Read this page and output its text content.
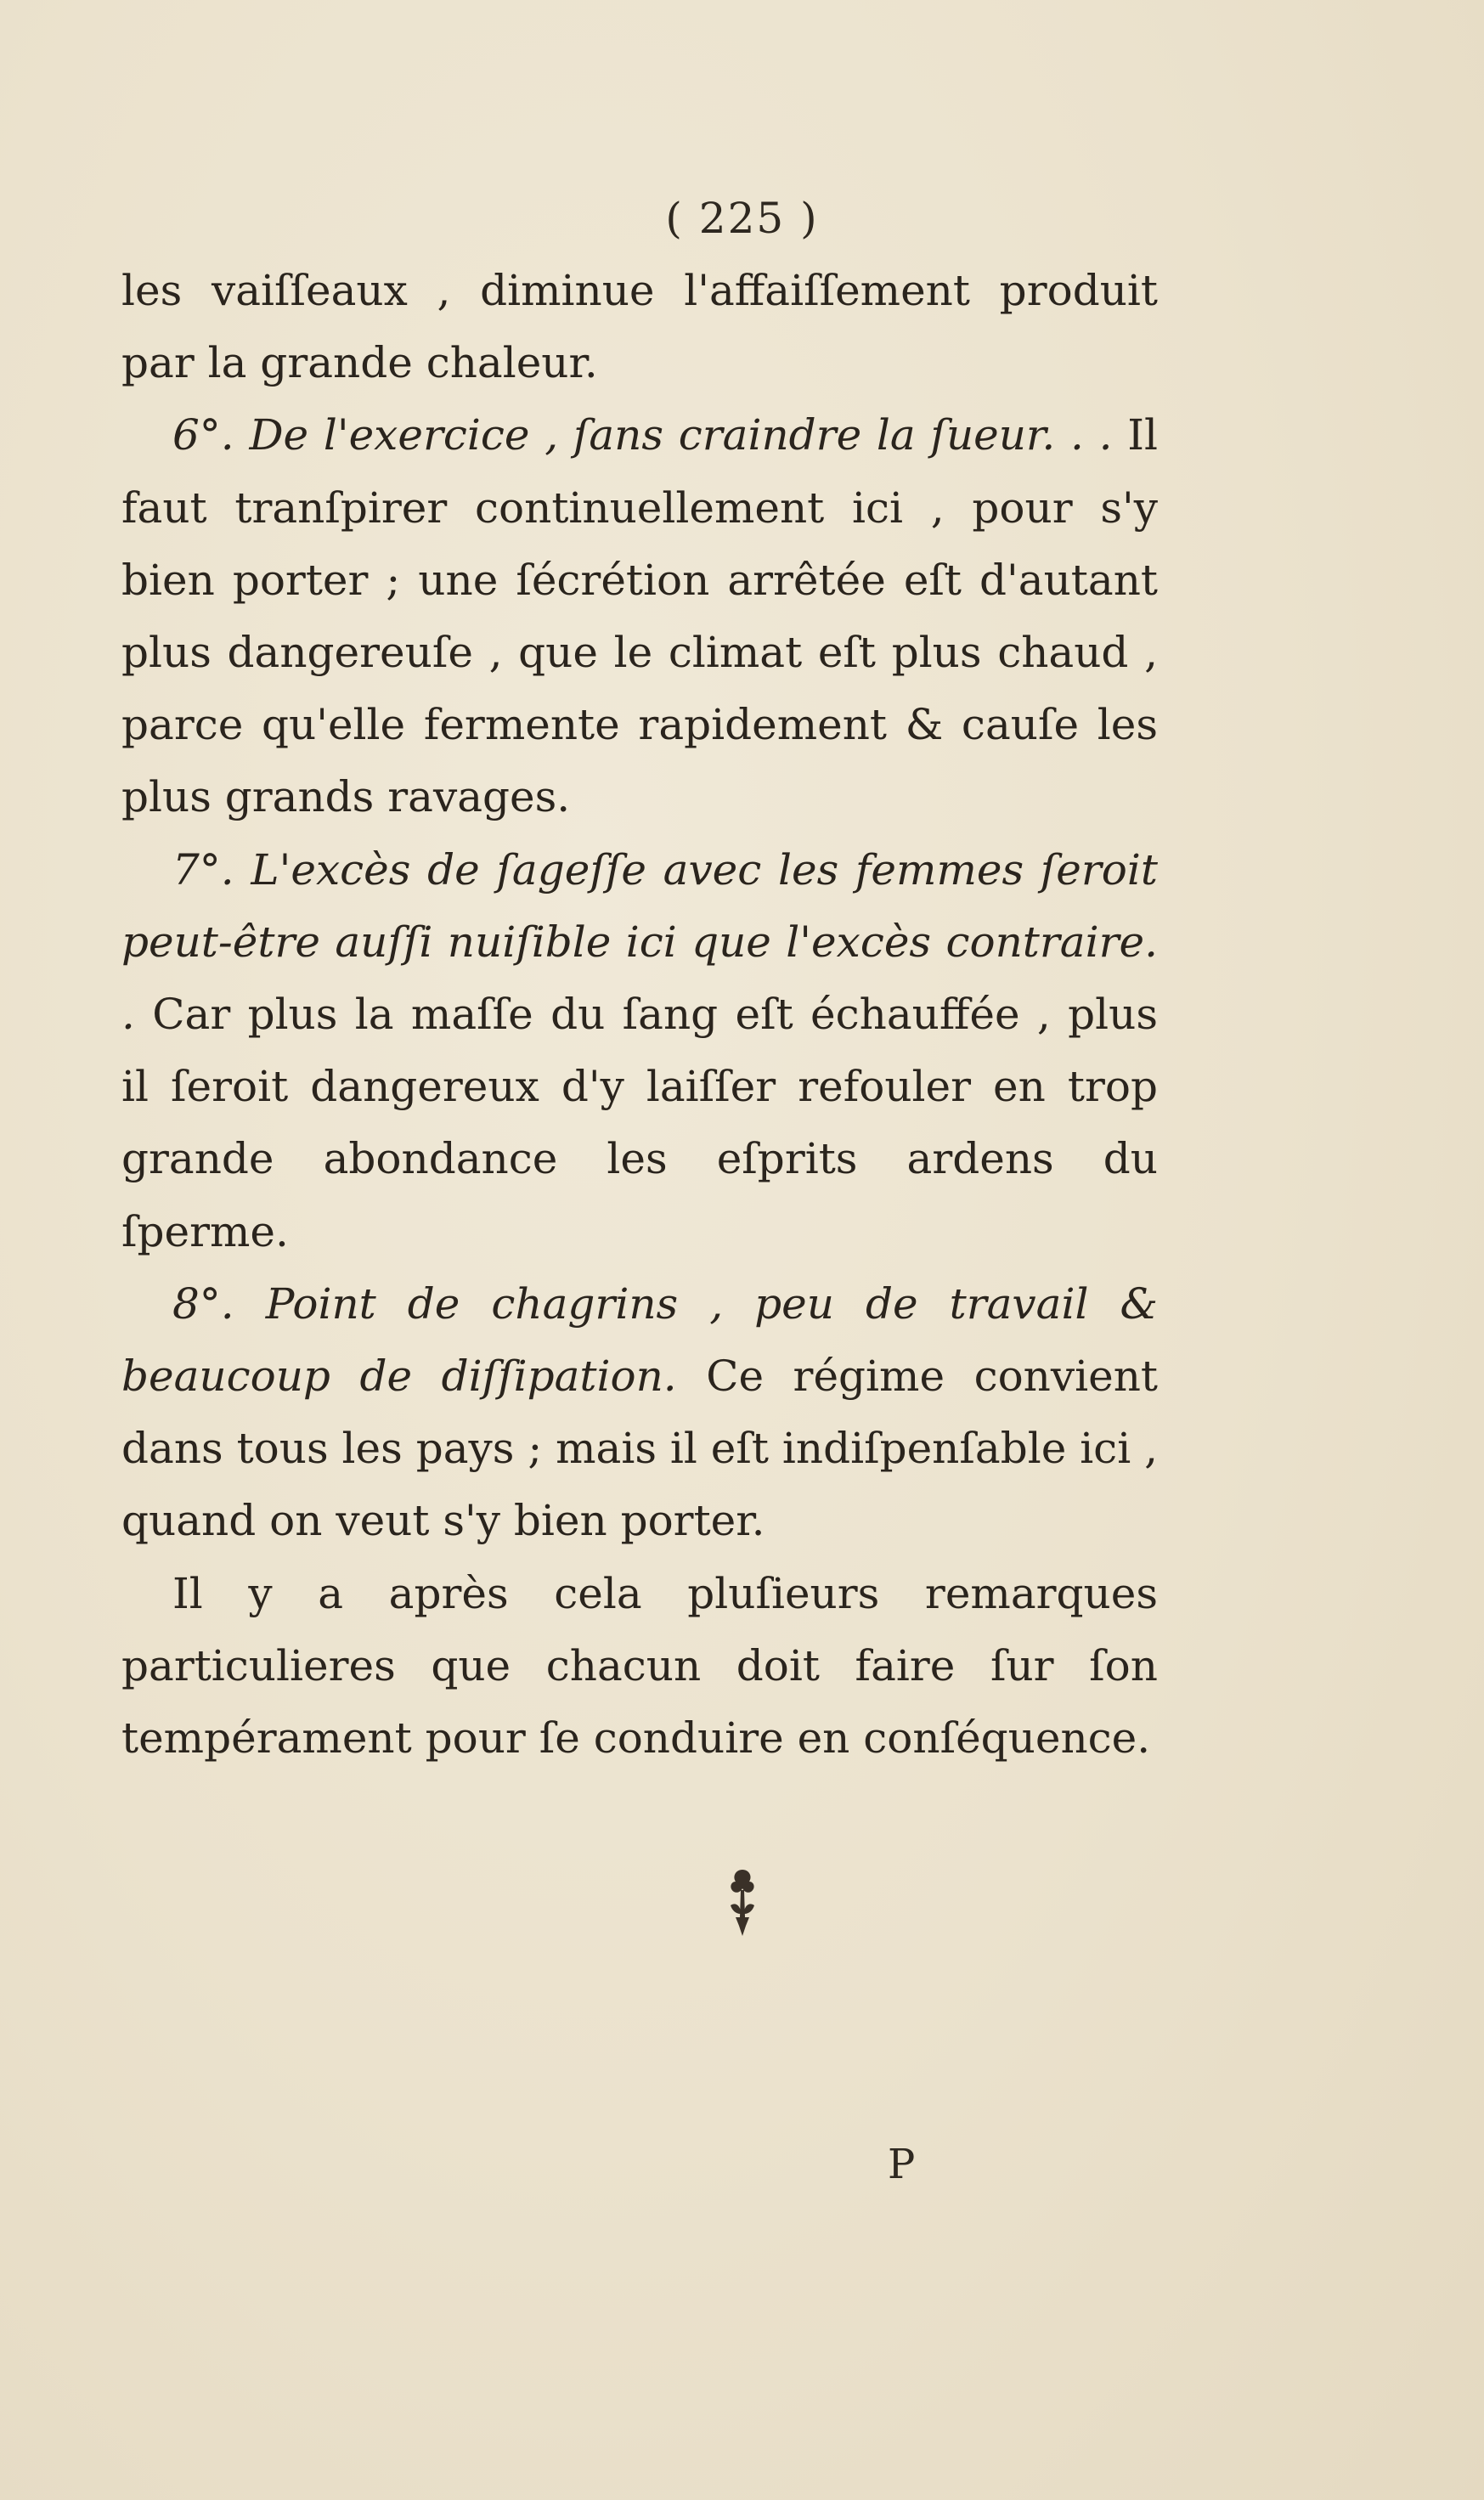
( 225 )

les vaiſſeaux , diminue l'affaiſſement produit par la grande chaleur.

6°. De l'exercice , ſans craindre la ſueur. . . Il faut tranſpirer continuellement ici , pour s'y bien porter ; une ſécrétion arrêtée eſt d'autant plus dangereuſe , que le climat eſt plus chaud , parce qu'elle fermente rapidement & cauſe les plus grands ravages.

7°. L'excès de ſageſſe avec les femmes ſeroit peut-être auſſi nuiſible ici que l'excès contraire. . Car plus la maſſe du ſang eſt échauffée , plus il ſeroit dangereux d'y laiſſer refouler en trop grande abondance les eſprits ardens du ſperme.

8°. Point de chagrins , peu de travail & beaucoup de diſſipation. Ce régime convient dans tous les pays ; mais il eſt indiſpenſable ici , quand on veut s'y bien porter.

Il y a après cela pluſieurs remarques particulieres que chacun doit faire ſur ſon tempérament pour ſe conduire en conſéquence.

P
